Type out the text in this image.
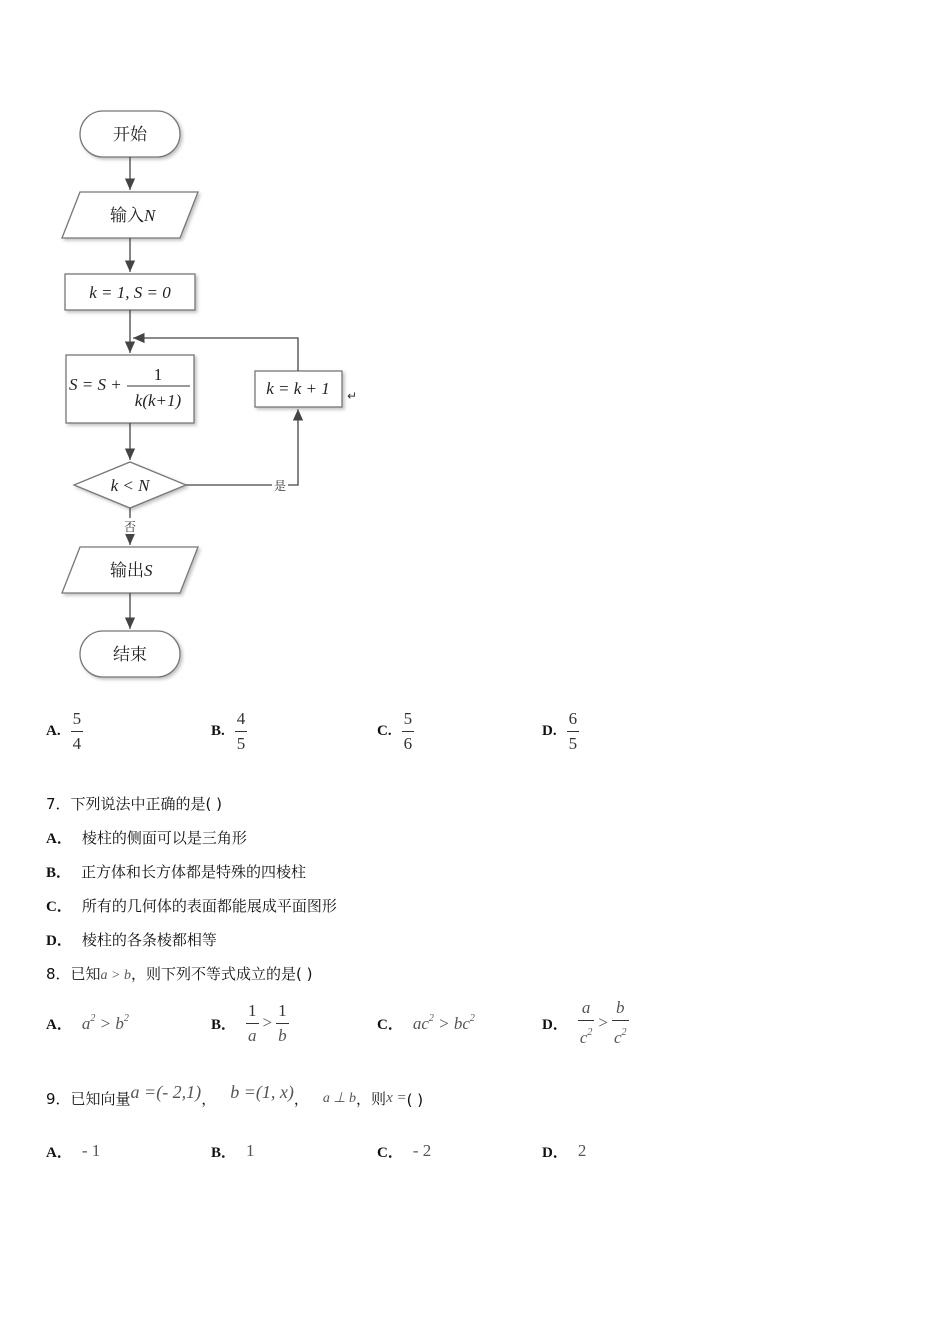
开始
输入N
k = 1, S = 0
S = S +
1
k(k+1)
k < N	是
k = k + 1 ↵
否
输出S
结束
A. $\frac{5}{4}$	B. $\frac{4}{5}$	C. $\frac{5}{6}$	D. $\frac{6}{5}$
7．下列说法中正确的是( )
A． 棱柱的侧面可以是三角形
B． 正方体和长方体都是特殊的四棱柱
C． 所有的几何体的表面都能展成平面图形
D． 棱柱的各条棱都相等
8．已知a > b，则下列不等式成立的是( )
A． $a^2 > b^2$	B． $\frac{1}{a} > \frac{1}{b}$	C． $ac^2 > bc^2$	D． $\frac{a}{c^2} > \frac{b}{c^2}$
9．已知向量 a =(- 2,1) ， b =(1, x) ， a ⊥ b ，则 x = ( )
A． - 1	B． 1	C． - 2	D． 2
